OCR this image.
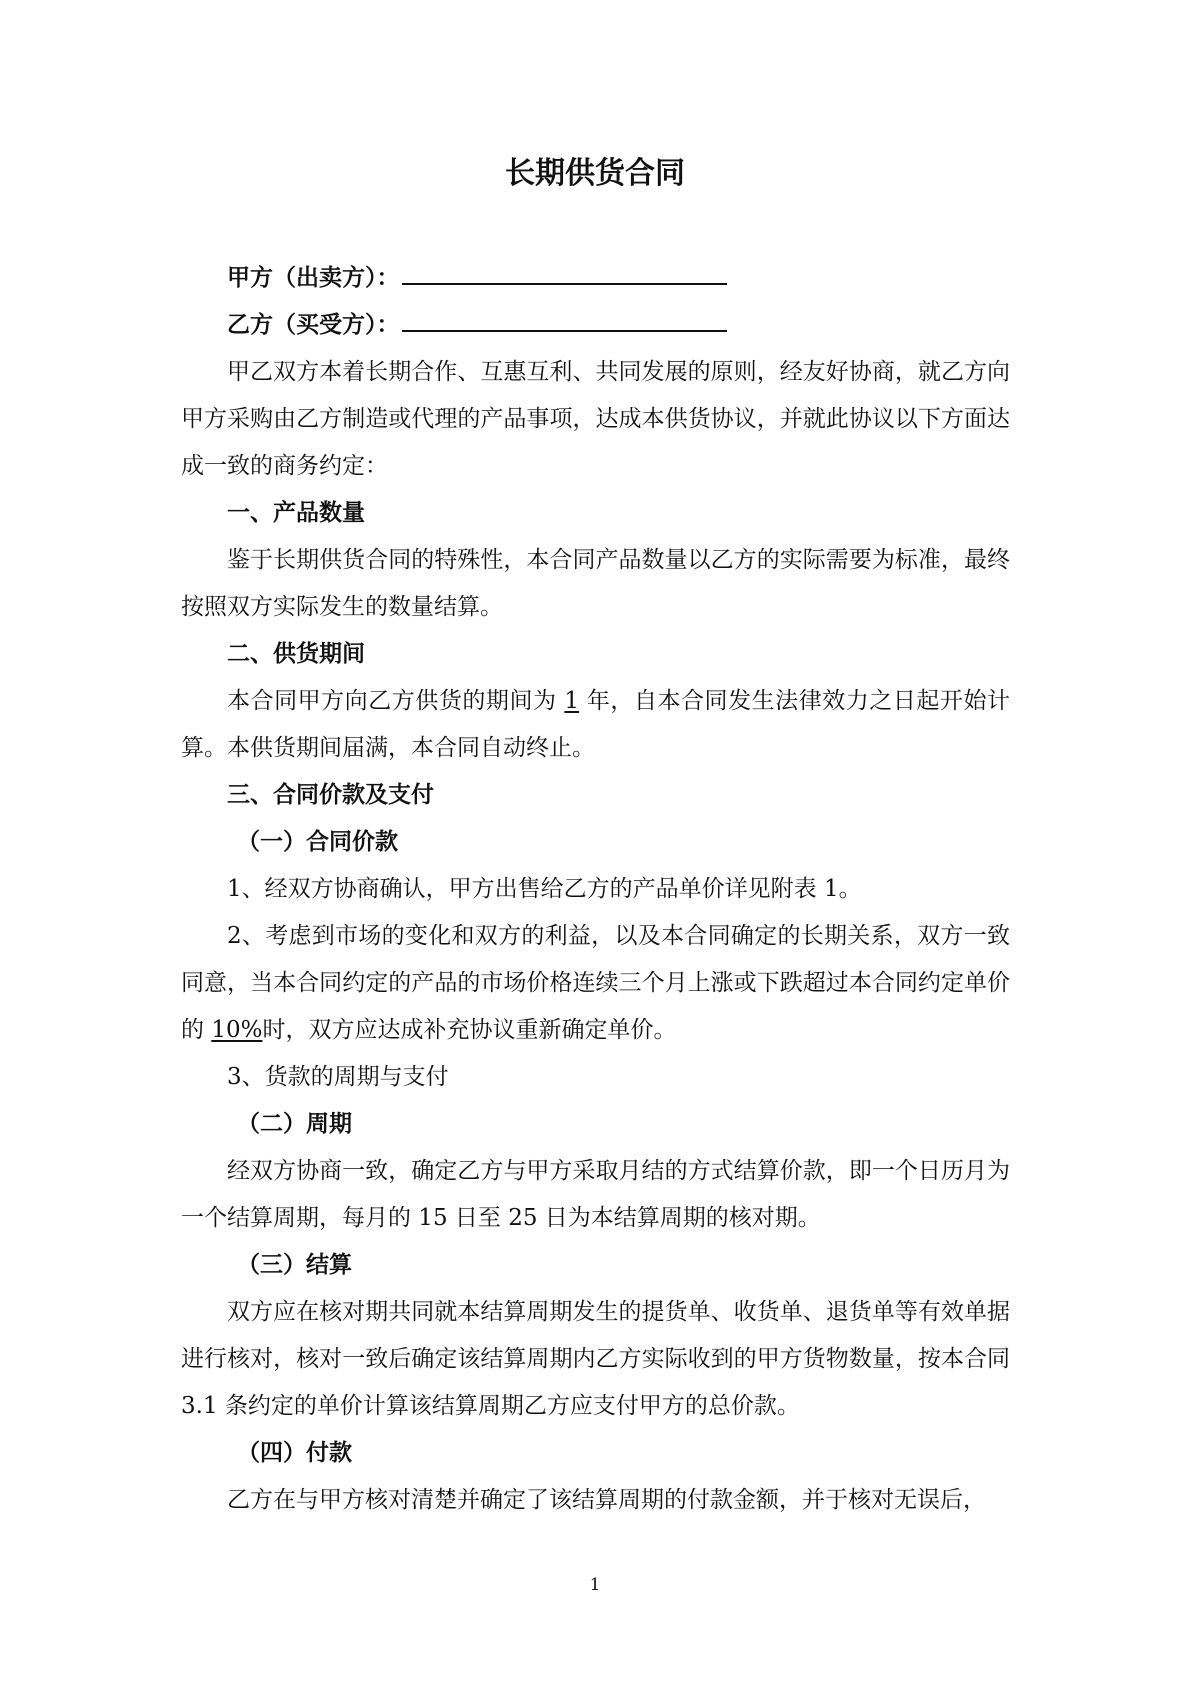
长期供货合同
甲方（出卖方）：
乙方（买受方）：

甲乙双方本着长期合作、互惠互利、共同发展的原则，经友好协商，就乙方向甲方采购由乙方制造或代理的产品事项，达成本供货协议，并就此协议以下方面达成一致的商务约定：

一、产品数量

鉴于长期供货合同的特殊性，本合同产品数量以乙方的实际需要为标准，最终按照双方实际发生的数量结算。

二、供货期间

本合同甲方向乙方供货的期间为 1 年，自本合同发生法律效力之日起开始计算。本供货期间届满，本合同自动终止。

三、合同价款及支付

（一）合同价款

1、经双方协商确认，甲方出售给乙方的产品单价详见附表 1。

2、考虑到市场的变化和双方的利益，以及本合同确定的长期关系，双方一致同意，当本合同约定的产品的市场价格连续三个月上涨或下跌超过本合同约定单价的 10%时，双方应达成补充协议重新确定单价。

3、货款的周期与支付

（二）周期

经双方协商一致，确定乙方与甲方采取月结的方式结算价款，即一个日历月为一个结算周期，每月的 15 日至 25 日为本结算周期的核对期。

（三）结算

双方应在核对期共同就本结算周期发生的提货单、收货单、退货单等有效单据进行核对，核对一致后确定该结算周期内乙方实际收到的甲方货物数量，按本合同 3.1 条约定的单价计算该结算周期乙方应支付甲方的总价款。

（四）付款

乙方在与甲方核对清楚并确定了该结算周期的付款金额，并于核对无误后，

1
